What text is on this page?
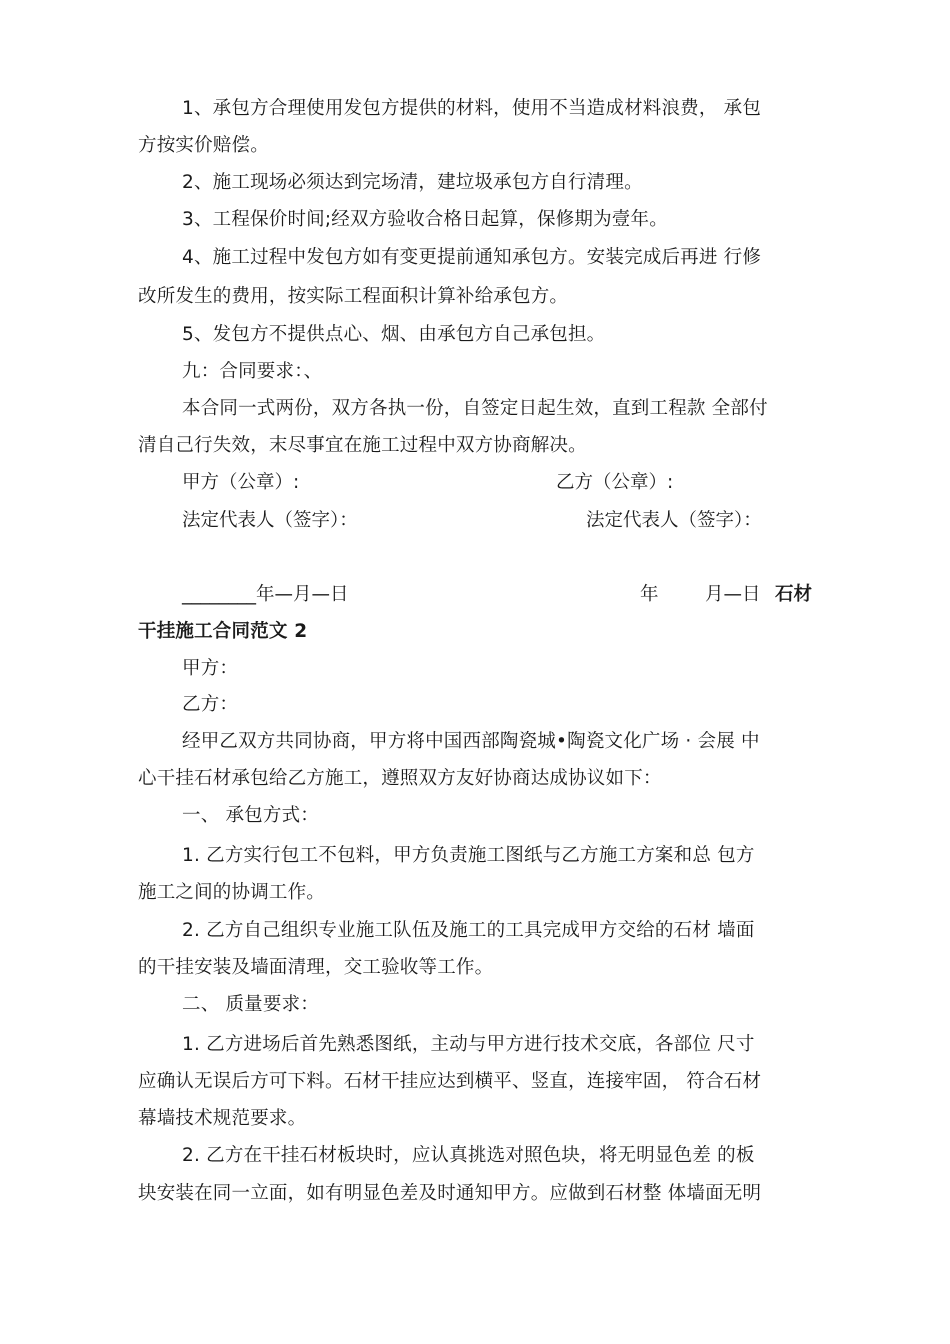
1、承包方合理使用发包方提供的材料，使用不当造成材料浪费， 承包
方按实价赔偿。
2、施工现场必须达到完场清，建垃圾承包方自行清理。
3、工程保价时间;经双方验收合格日起算，保修期为壹年。
4、施工过程中发包方如有变更提前通知承包方。安装完成后再进 行修
改所发生的费用，按实际工程面积计算补给承包方。
5、发包方不提供点心、烟、由承包方自己承包担。
九：合同要求：、
本合同一式两份，双方各执一份，自签定日起生效，直到工程款 全部付
清自己行失效，末尽事宜在施工过程中双方协商解决。
甲方（公章）:	乙方（公章）:
法定代表人（签字）：	法定代表人（签字）：
________年—月—日	年	月—日 石材
干挂施工合同范文 2
甲方：
乙方：
经甲乙双方共同协商，甲方将中国西部陶瓷城•陶瓷文化广场 · 会展 中
心干挂石材承包给乙方施工，遵照双方友好协商达成协议如下：
一、 承包方式：
1. 乙方实行包工不包料，甲方负责施工图纸与乙方施工方案和总 包方
施工之间的协调工作。
2. 乙方自己组织专业施工队伍及施工的工具完成甲方交给的石材 墙面
的干挂安装及墙面清理，交工验收等工作。
二、 质量要求：
1. 乙方进场后首先熟悉图纸，主动与甲方进行技术交底，各部位 尺寸
应确认无误后方可下料。石材干挂应达到横平、竖直，连接牢固， 符合石材
幕墙技术规范要求。
2. 乙方在干挂石材板块时，应认真挑选对照色块，将无明显色差 的板
块安装在同一立面，如有明显色差及时通知甲方。应做到石材整 体墙面无明
